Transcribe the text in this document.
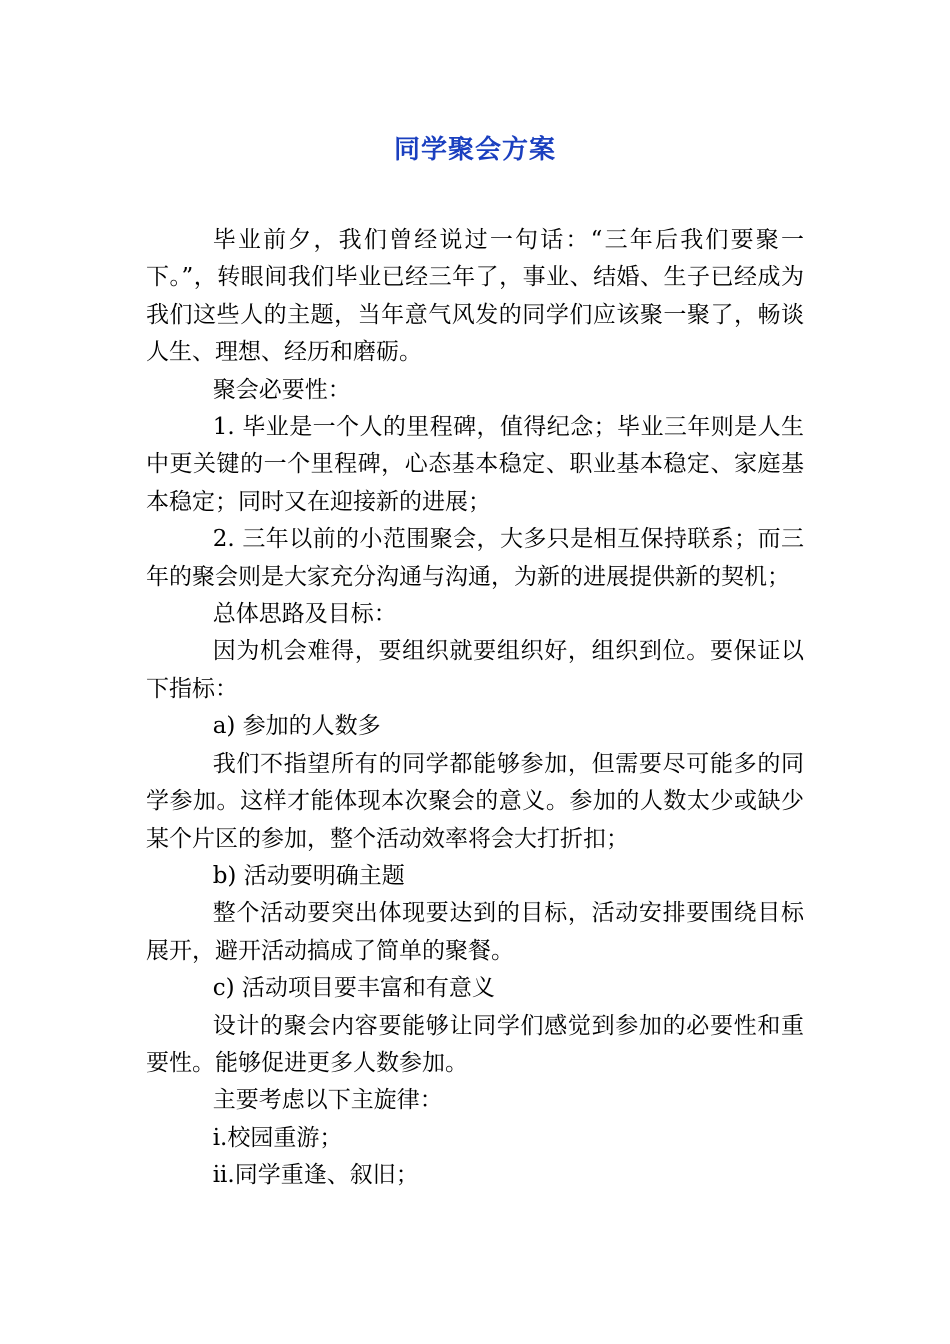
同学聚会方案

毕业前夕，我们曾经说过一句话：“三年后我们要聚一下。”，转眼间我们毕业已经三年了，事业、结婚、生子已经成为我们这些人的主题，当年意气风发的同学们应该聚一聚了，畅谈人生、理想、经历和磨砺。

聚会必要性：

1. 毕业是一个人的里程碑，值得纪念；毕业三年则是人生中更关键的一个里程碑，心态基本稳定、职业基本稳定、家庭基本稳定；同时又在迎接新的进展；

2. 三年以前的小范围聚会，大多只是相互保持联系；而三年的聚会则是大家充分沟通与沟通，为新的进展提供新的契机；

总体思路及目标：

因为机会难得，要组织就要组织好，组织到位。要保证以下指标：

a) 参加的人数多

我们不指望所有的同学都能够参加，但需要尽可能多的同学参加。这样才能体现本次聚会的意义。参加的人数太少或缺少某个片区的参加，整个活动效率将会大打折扣；

b) 活动要明确主题

整个活动要突出体现要达到的目标，活动安排要围绕目标展开，避开活动搞成了简单的聚餐。

c) 活动项目要丰富和有意义

设计的聚会内容要能够让同学们感觉到参加的必要性和重要性。能够促进更多人数参加。

主要考虑以下主旋律：

i.校园重游；

ii.同学重逢、叙旧；
